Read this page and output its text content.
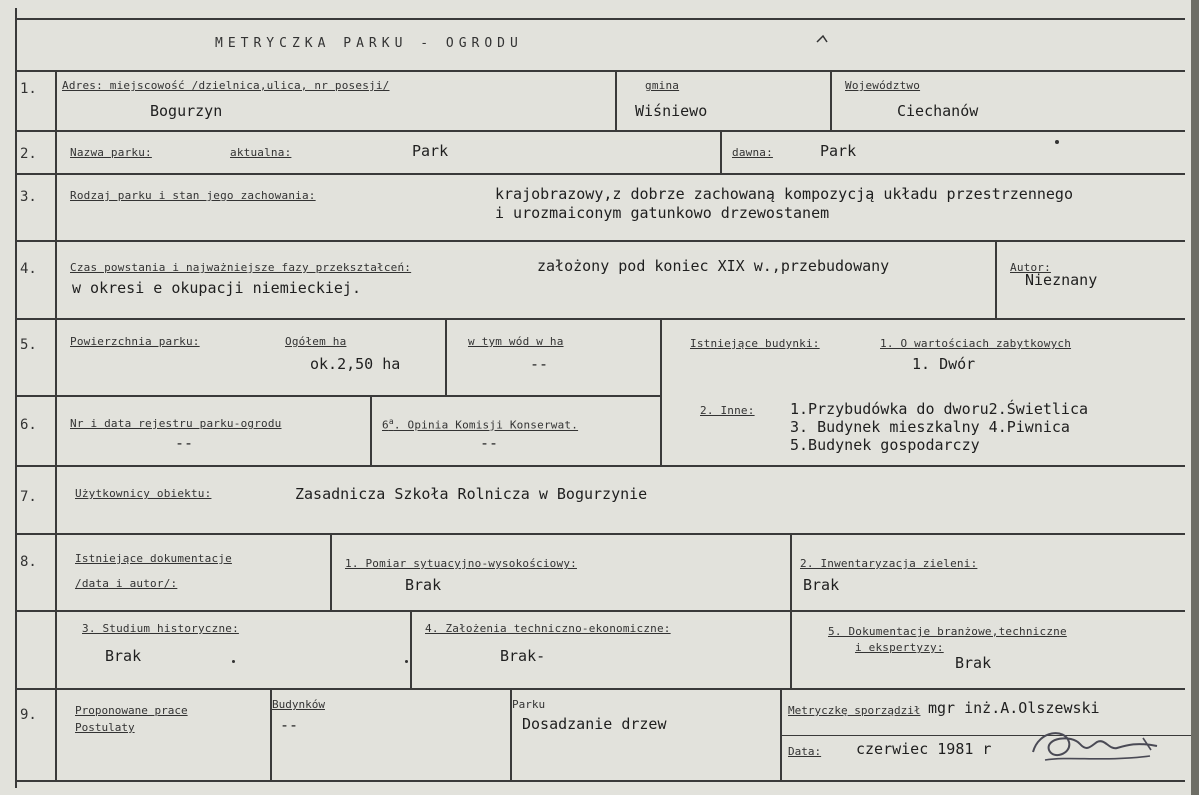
METRYCZKA PARKU - OGRODU
1. Adres: miejscowość /dzielnica,ulica, nr posesji/
Bogurzyn
gmina
Wiśniewo
Województwo
Ciechanów
2.	Nazwa parku:	aktualna:	Park	dawna:	Park
3.	Rodzaj parku i stan jego zachowania:	krajobrazowy,z dobrze zachowaną kompozycją układu przestrzennego
i urozmaiconym gatunkowo drzewostanem
4.	Czas powstania i najważniejsze fazy przekształceń:	założony pod koniec XIX w.,przebudowany
w okresi e okupacji niemieckiej.
Autor:
Nieznany
5.	Powierzchnia parku:	Ogółem ha
ok.2,50 ha
w tym wód w ha
--
Istniejące budynki:	1. O wartościach zabytkowych
1. Dwór
6.	Nr i data rejestru parku-ogrodu
--
6$^a$. Opinia Komisji Konserwat.
--
2. Inne: 1.Przybudówka do dworu2.Świetlica
3. Budynek mieszkalny 4.Piwnica
5.Budynek gospodarczy
7.	Użytkownicy obiektu:	Zasadnicza Szkoła Rolnicza w Bogurzynie
8.	Istniejące dokumentacje
/data i autor/:
1. Pomiar sytuacyjno-wysokościowy:
Brak
2. Inwentaryzacja zieleni:
Brak
3. Studium historyczne:
Brak
4. Założenia techniczno-ekonomiczne:
Brak-
5. Dokumentacje branżowe,techniczne
i ekspertyzy:
Brak
9.	Proponowane prace
Postulaty
Budynków
--
Parku
Dosadzanie drzew
Metryczkę sporządził mgr inż.A.Olszewski
Data: czerwiec 1981 r
